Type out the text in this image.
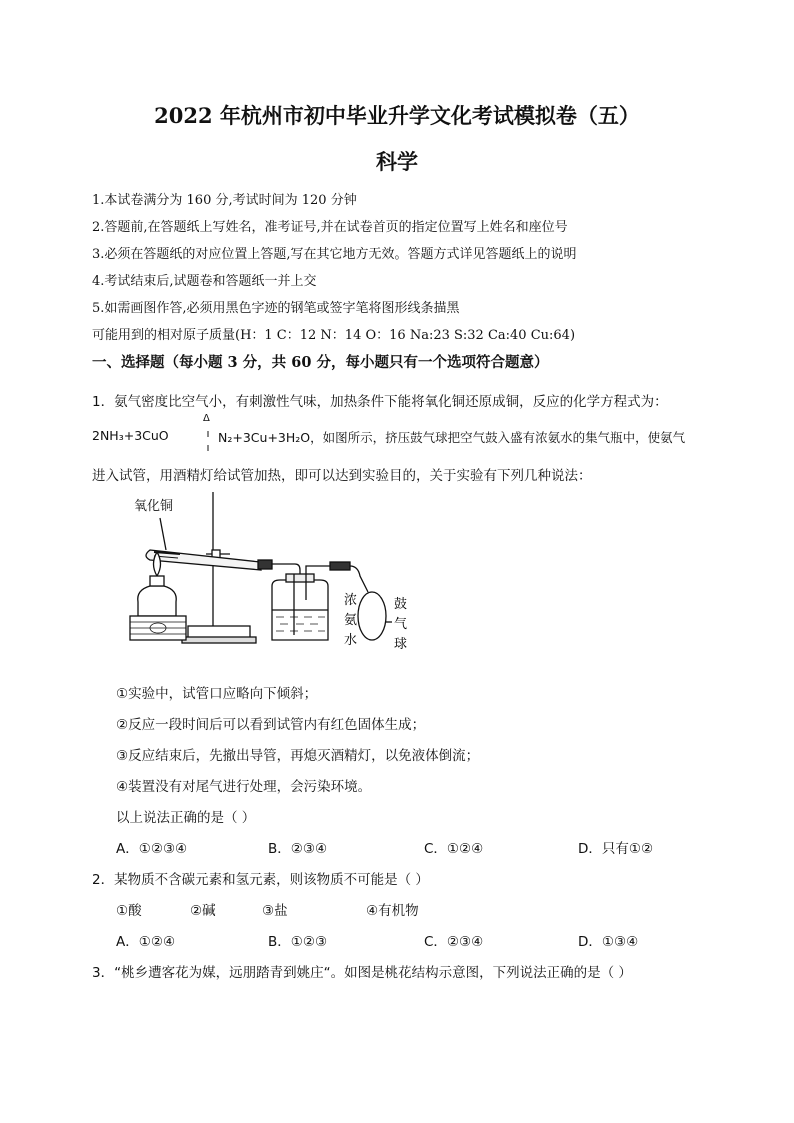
2022 年杭州市初中毕业升学文化考试模拟卷（五）
科学
1.本试卷满分为 160 分,考试时间为 120 分钟
2.答题前,在答题纸上写姓名，准考证号,并在试卷首页的指定位置写上姓名和座位号
3.必须在答题纸的对应位置上答题,写在其它地方无效。答题方式详见答题纸上的说明
4.考试结束后,试题卷和答题纸一并上交
5.如需画图作答,必须用黑色字迹的钢笔或签字笔将图形线条描黑
可能用到的相对原子质量(H：1 C：12 N：14 O：16 Na:23 S:32 Ca:40 Cu:64)
一、选择题（每小题 3 分，共 60 分，每小题只有一个选项符合题意）
1．氨气密度比空气小，有刺激性气味，加热条件下能将氧化铜还原成铜，反应的化学方程式为：
2NH₃+3CuO
Δ
N₂+3Cu+3H₂O，如图所示，挤压鼓气球把空气鼓入盛有浓氨水的集气瓶中，使氨气
进入试管，用酒精灯给试管加热，即可以达到实验目的，关于实验有下列几种说法：
氧化铜
浓
氨
水
鼓
气
球
①实验中，试管口应略向下倾斜；
②反应一段时间后可以看到试管内有红色固体生成；
③反应结束后，先撤出导管，再熄灭酒精灯，以免液体倒流；
④装置没有对尾气进行处理，会污染环境。
以上说法正确的是（ ）
A．①②③④	B．②③④	C．①②④	D．只有①②
2．某物质不含碳元素和氢元素，则该物质不可能是（ ）
①酸	②碱	③盐	④有机物
A．①②④	B．①②③	C．②③④	D．①③④
3．“桃乡遭客花为媒，远朋踏青到姚庄“。如图是桃花结构示意图，下列说法正确的是（ ）
